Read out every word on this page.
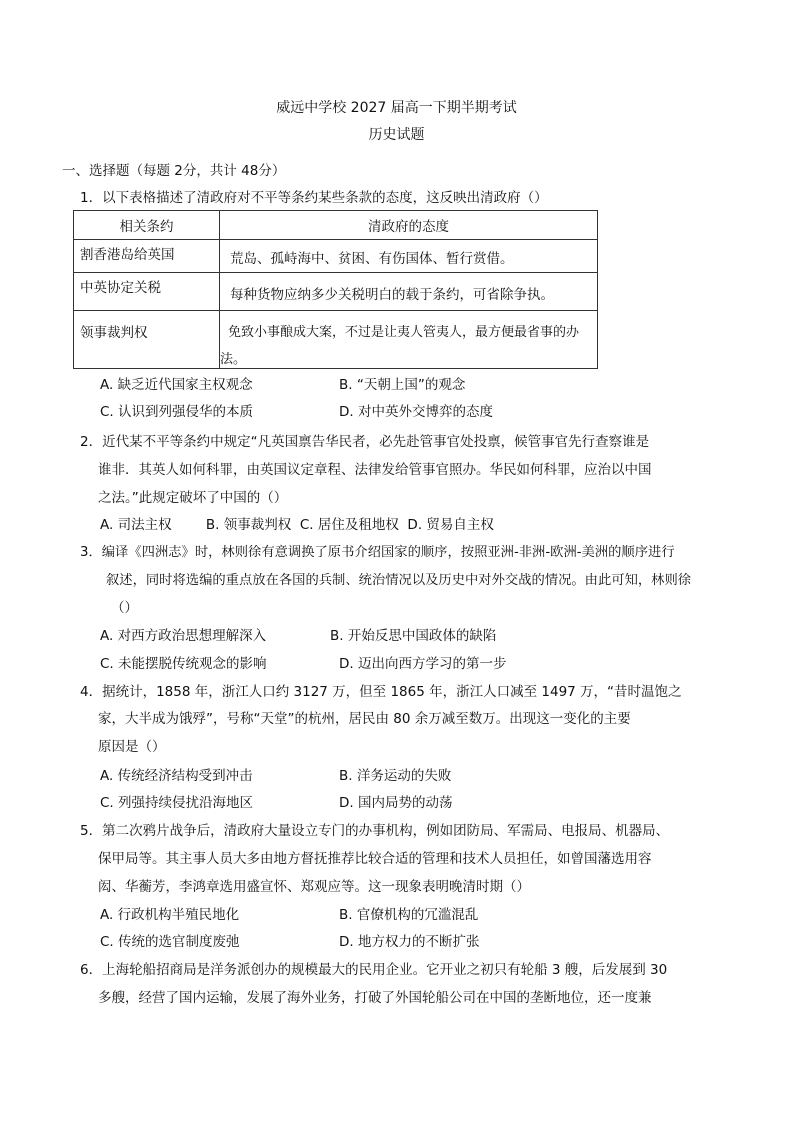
威远中学校 2027 届高一下期半期考试
历史试题
一、选择题（每题 2分，共计 48分）
1．以下表格描述了清政府对不平等条约某些条款的态度，这反映出清政府（）
相关条约	清政府的态度
割香港岛给英国	荒岛、孤峙海中、贫困、有伤国体、暂行赏借。
中英协定关税	每种货物应纳多少关税明白的载于条约，可省除争执。
领事裁判权	免致小事酿成大案，不过是让夷人管夷人，最方便最省事的办
法。
A. 缺乏近代国家主权观念	B. “天朝上国”的观念
C. 认识到列强侵华的本质	D. 对中英外交博弈的态度
2．近代某不平等条约中规定“凡英国禀告华民者，必先赴管事官处投禀，候管事官先行查察谁是
谁非．其英人如何科罪，由英国议定章程、法律发给管事官照办。华民如何科罪，应治以中国
之法。”此规定破坏了中国的（）
A. 司法主权        B. 领事裁判权  C. 居住及租地权  D. 贸易自主权
3．编译《四洲志》时，林则徐有意调换了原书介绍国家的顺序，按照亚洲-非洲-欧洲-美洲的顺序进行
叙述，同时将选编的重点放在各国的兵制、统治情况以及历史中对外交战的情况。由此可知，林则徐
（）
A. 对西方政治思想理解深入	B. 开始反思中国政体的缺陷
C. 未能摆脱传统观念的影响	D. 迈出向西方学习的第一步
4．据统计，1858 年，浙江人口约 3127 万，但至 1865 年，浙江人口减至 1497 万，“昔时温饱之
家，大半成为饿殍”，号称“天堂”的杭州，居民由 80 余万减至数万。出现这一变化的主要
原因是（）
A. 传统经济结构受到冲击	B. 洋务运动的失败
C. 列强持续侵扰沿海地区	D. 国内局势的动荡
5．第二次鸦片战争后，清政府大量设立专门的办事机构，例如团防局、军需局、电报局、机器局、
保甲局等。其主事人员大多由地方督抚推荐比较合适的管理和技术人员担任，如曾国藩选用容
闳、华蘅芳，李鸿章选用盛宣怀、郑观应等。这一现象表明晚清时期（）
A. 行政机构半殖民地化	B. 官僚机构的冗滥混乱
C. 传统的选官制度废弛	D. 地方权力的不断扩张
6．上海轮船招商局是洋务派创办的规模最大的民用企业。它开业之初只有轮船 3 艘，后发展到 30
多艘，经营了国内运输，发展了海外业务，打破了外国轮船公司在中国的垄断地位，还一度兼
